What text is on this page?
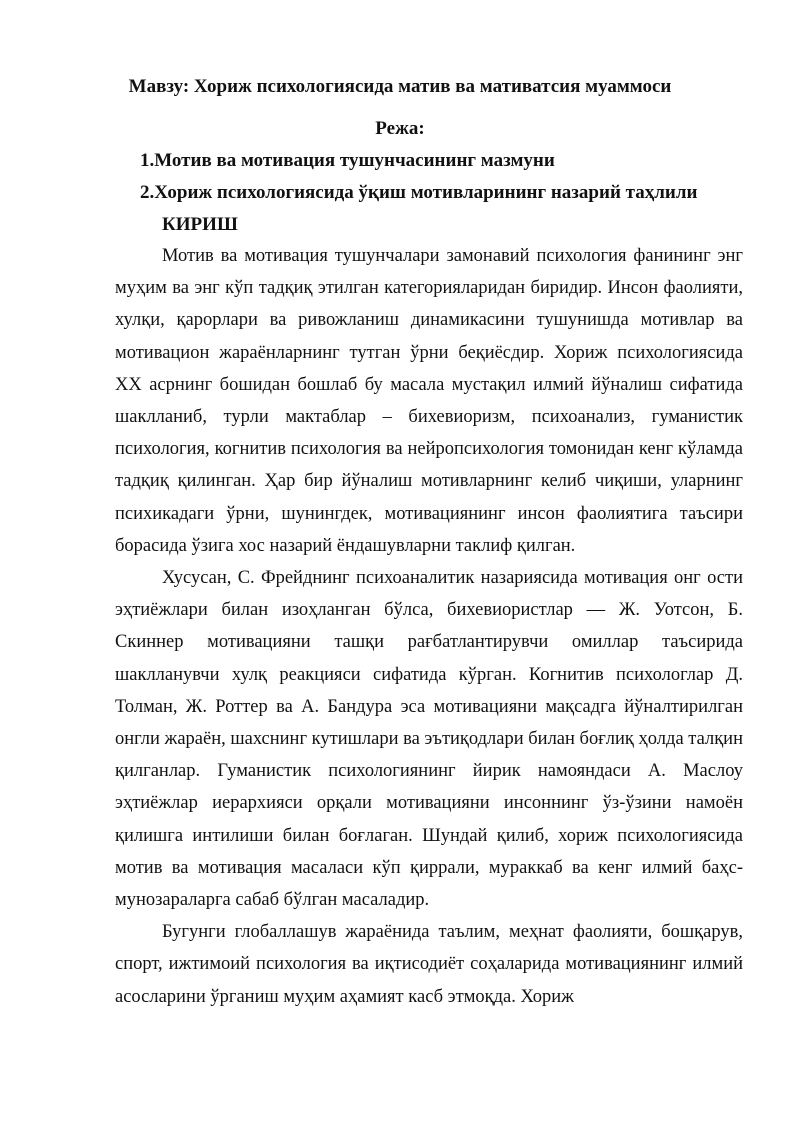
Мавзу: Хориж психологиясида матив ва мативатсия муаммоси
Режа:
1.Мотив ва мотивация тушунчасининг мазмуни
2.Хориж психологиясида ўқиш мотивларининг назарий таҳлили
КИРИШ

Мотив ва мотивация тушунчалари замонавий психология фанининг энг муҳим ва энг кўп тадқиқ этилган категорияларидан биридир. Инсон фаолияти, хулқи, қарорлари ва ривожланиш динамикасини тушунишда мотивлар ва мотивацион жараёнларнинг тутган ўрни беқиёсдир. Хориж психологиясида XX асрнинг бошидан бошлаб бу масала мустақил илмий йўналиш сифатида шаклланиб, турли мактаблар – бихевиоризм, психоанализ, гуманистик психология, когнитив психология ва нейропсихология томонидан кенг кўламда тадқиқ қилинган. Ҳар бир йўналиш мотивларнинг келиб чиқиши, уларнинг психикадаги ўрни, шунингдек, мотивациянинг инсон фаолиятига таъсири борасида ўзига хос назарий ёндашувларни таклиф қилган.

Хусусан, С. Фрейднинг психоаналитик назариясида мотивация онг ости эҳтиёжлари билан изоҳланган бўлса, бихевиористлар — Ж. Уотсон, Б. Скиннер мотивацияни ташқи рағбатлантирувчи омиллар таъсирида шаклланувчи хулқ реакцияси сифатида кўрган. Когнитив психологлар Д. Толман, Ж. Роттер ва А. Бандура эса мотивацияни мақсадга йўналтирилган онгли жараён, шахснинг кутишлари ва эътиқодлари билан боғлиқ ҳолда талқин қилганлар. Гуманистик психологиянинг йирик намояндаси А. Маслоу эҳтиёжлар иерархияси орқали мотивацияни инсоннинг ўз-ўзини намоён қилишга интилиши билан боғлаган. Шундай қилиб, хориж психологиясида мотив ва мотивация масаласи кўп қиррали, мураккаб ва кенг илмий баҳс-мунозараларга сабаб бўлган масаладир.

Бугунги глобаллашув жараёнида таълим, меҳнат фаолияти, бошқарув, спорт, ижтимоий психология ва иқтисодиёт соҳаларида мотивациянинг илмий асосларини ўрганиш муҳим аҳамият касб этмоқда. Хориж
